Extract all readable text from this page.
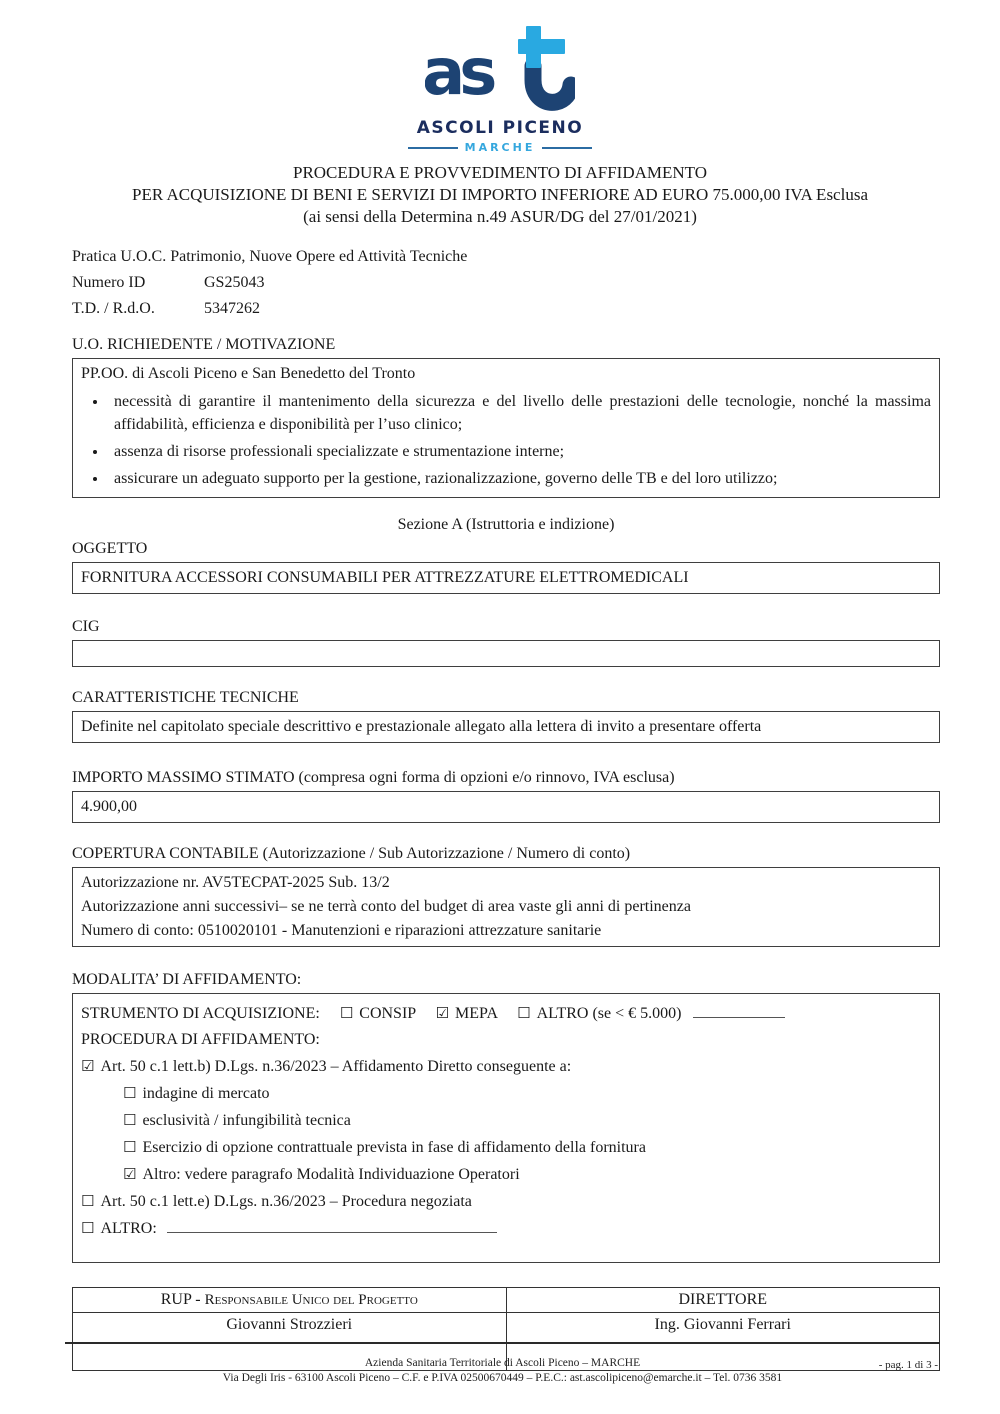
as
ASCOLI PICENO
MARCHE
PROCEDURA E PROVVEDIMENTO DI AFFIDAMENTO
PER ACQUISIZIONE DI BENI E SERVIZI DI IMPORTO INFERIORE AD EURO 75.000,00 IVA Esclusa
(ai sensi della Determina n.49 ASUR/DG del 27/01/2021)
Pratica U.O.C. Patrimonio, Nuove Opere ed Attività Tecniche
Numero ID	GS25043
T.D. / R.d.O.	5347262
U.O. RICHIEDENTE / MOTIVAZIONE
PP.OO. di Ascoli Piceno e San Benedetto del Tronto
• necessità di garantire il mantenimento della sicurezza e del livello delle prestazioni delle tecnologie, nonché la massima affidabilità, efficienza e disponibilità per l’uso clinico;
• assenza di risorse professionali specializzate e strumentazione interne;
• assicurare un adeguato supporto per la gestione, razionalizzazione, governo delle TB e del loro utilizzo;
Sezione A (Istruttoria e indizione)
OGGETTO
FORNITURA ACCESSORI CONSUMABILI PER ATTREZZATURE ELETTROMEDICALI
CIG
CARATTERISTICHE TECNICHE
Definite nel capitolato speciale descrittivo e prestazionale allegato alla lettera di invito a presentare offerta
IMPORTO MASSIMO STIMATO (compresa ogni forma di opzioni e/o rinnovo, IVA esclusa)
4.900,00
COPERTURA CONTABILE (Autorizzazione / Sub Autorizzazione / Numero di conto)
Autorizzazione nr. AV5TECPAT-2025 Sub. 13/2
Autorizzazione anni successivi– se ne terrà conto del budget di area vaste gli anni di pertinenza
Numero di conto: 0510020101 - Manutenzioni e riparazioni attrezzature sanitarie
MODALITA’ DI AFFIDAMENTO:
STRUMENTO DI ACQUISIZIONE: ☐ CONSIP ☑ MEPA ☐ ALTRO (se < € 5.000)
PROCEDURA DI AFFIDAMENTO:
☑ Art. 50 c.1 lett.b) D.Lgs. n.36/2023 – Affidamento Diretto conseguente a:
☐ indagine di mercato
☐ esclusività / infungibilità tecnica
☐ Esercizio di opzione contrattuale prevista in fase di affidamento della fornitura
☑ Altro: vedere paragrafo Modalità Individuazione Operatori
☐ Art. 50 c.1 lett.e) D.Lgs. n.36/2023 – Procedura negoziata
☐ ALTRO:
RUP - Responsabile Unico del Progetto	DIRETTORE
Giovanni Strozzieri	Ing. Giovanni Ferrari
Azienda Sanitaria Territoriale di Ascoli Piceno – MARCHE
Via Degli Iris - 63100 Ascoli Piceno – C.F. e P.IVA 02500670449 – P.E.C.: ast.ascolipiceno@emarche.it – Tel. 0736 3581
- pag. 1 di 3 -
